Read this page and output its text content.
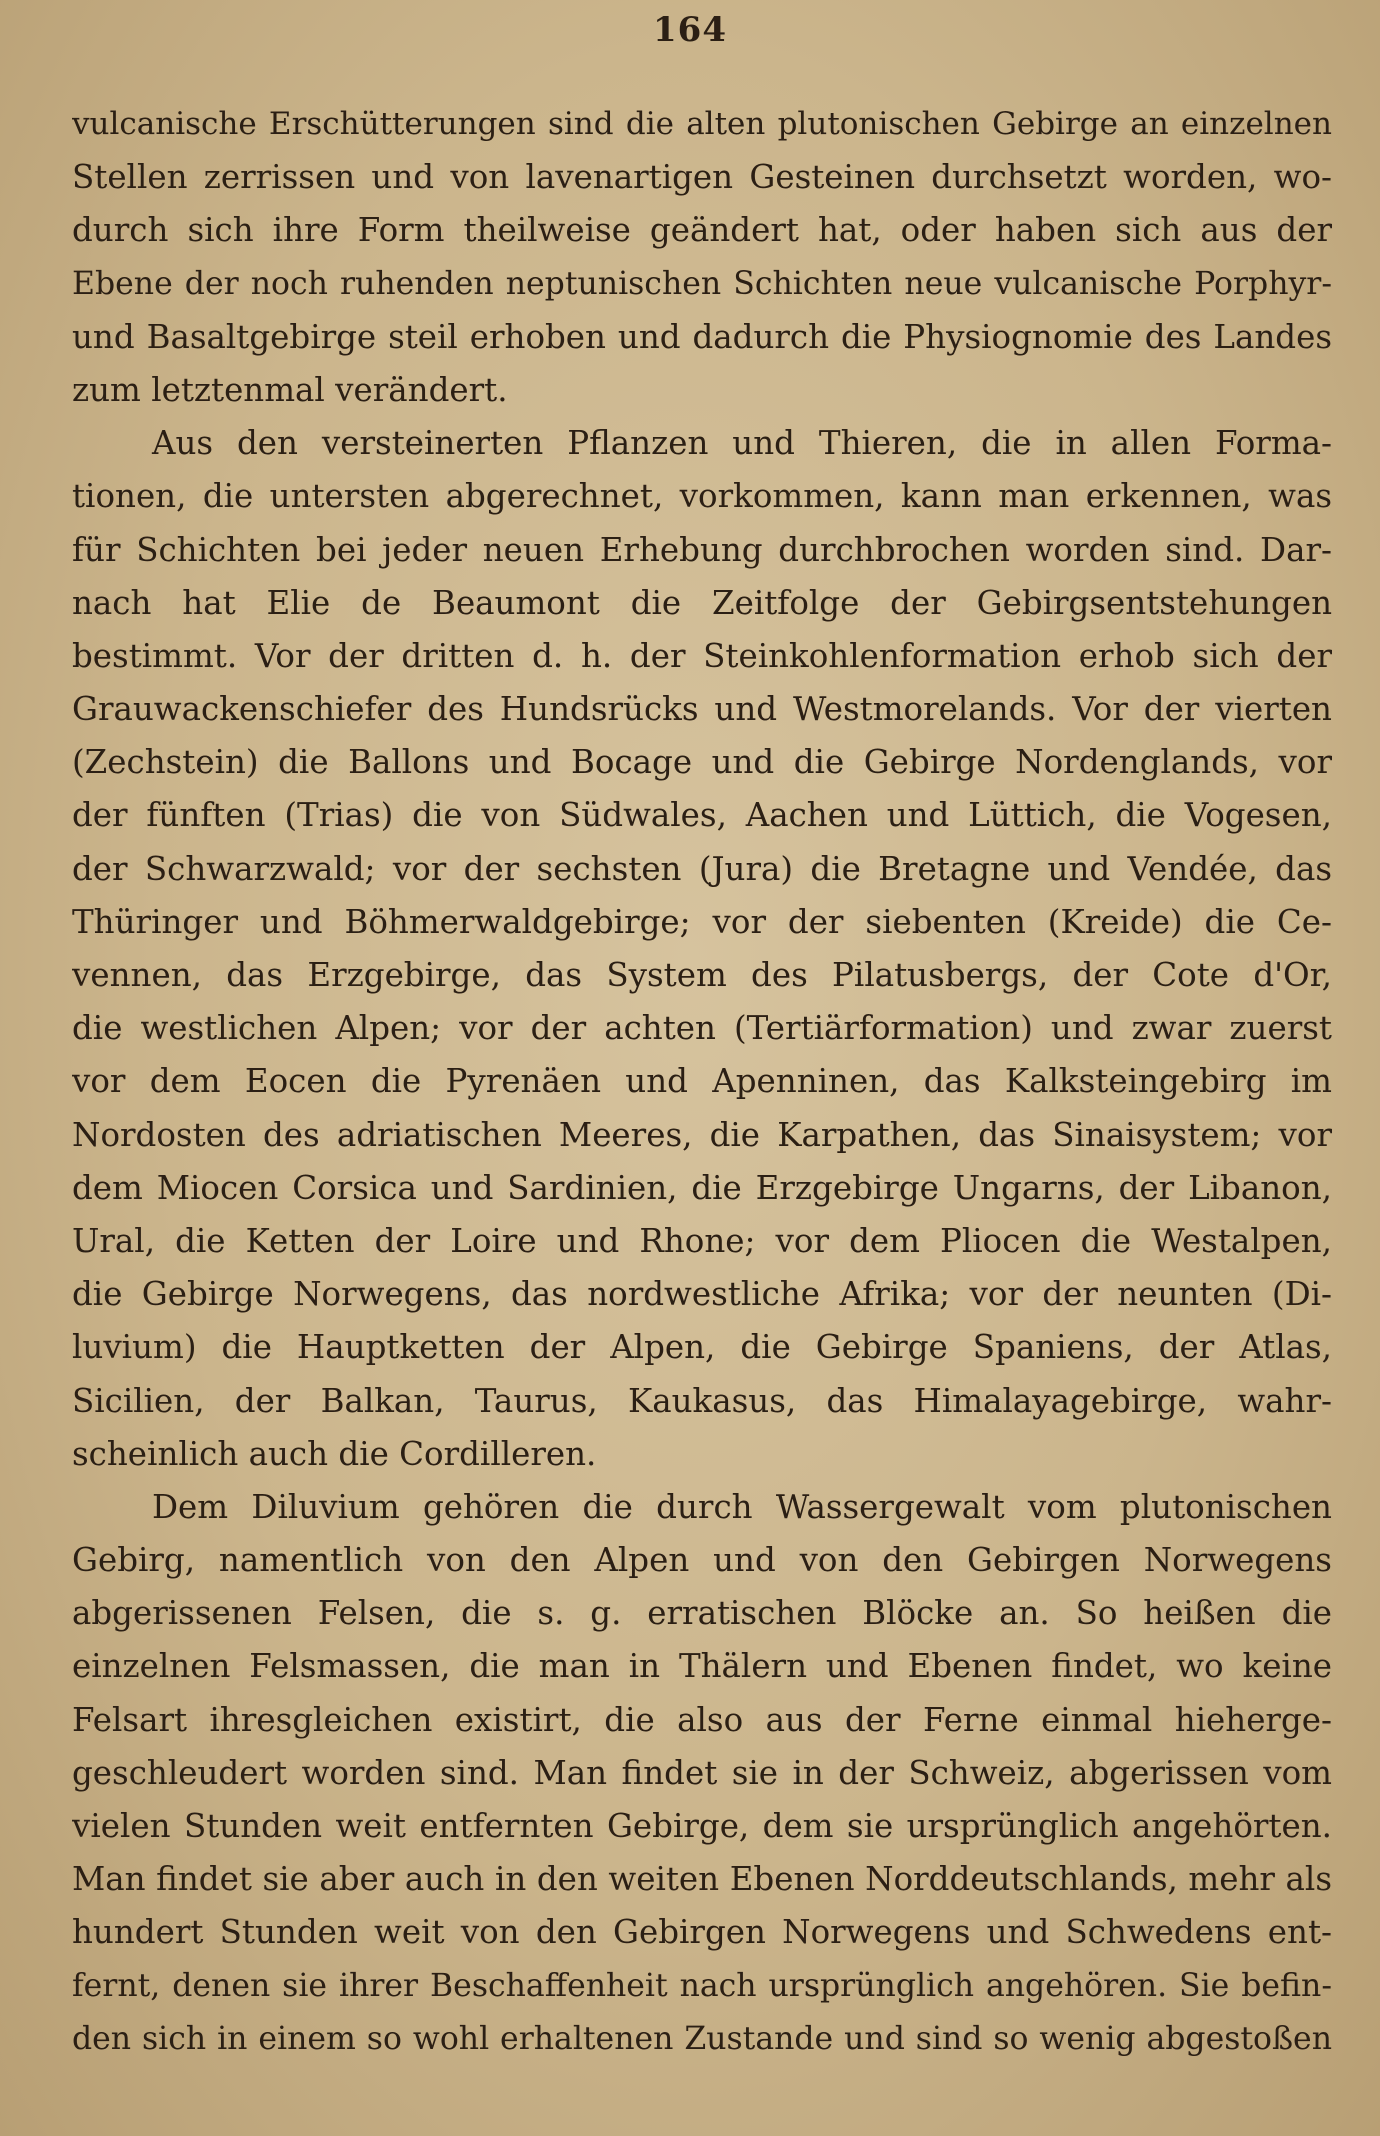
164
vulcanische Erschütterungen sind die alten plutonischen Gebirge an einzelnen
Stellen zerrissen und von lavenartigen Gesteinen durchsetzt worden, wo-
durch sich ihre Form theilweise geändert hat, oder haben sich aus der
Ebene der noch ruhenden neptunischen Schichten neue vulcanische Porphyr-
und Basaltgebirge steil erhoben und dadurch die Physiognomie des Landes
zum letztenmal verändert.
Aus den versteinerten Pflanzen und Thieren, die in allen Forma-
tionen, die untersten abgerechnet, vorkommen, kann man erkennen, was
für Schichten bei jeder neuen Erhebung durchbrochen worden sind. Dar-
nach hat Elie de Beaumont die Zeitfolge der Gebirgsentstehungen
bestimmt. Vor der dritten d. h. der Steinkohlenformation erhob sich der
Grauwackenschiefer des Hundsrücks und Westmorelands. Vor der vierten
(Zechstein) die Ballons und Bocage und die Gebirge Nordenglands, vor
der fünften (Trias) die von Südwales, Aachen und Lüttich, die Vogesen,
der Schwarzwald; vor der sechsten (Jura) die Bretagne und Vendée, das
Thüringer und Böhmerwaldgebirge; vor der siebenten (Kreide) die Ce-
vennen, das Erzgebirge, das System des Pilatusbergs, der Cote d'Or,
die westlichen Alpen; vor der achten (Tertiärformation) und zwar zuerst
vor dem Eocen die Pyrenäen und Apenninen, das Kalksteingebirg im
Nordosten des adriatischen Meeres, die Karpathen, das Sinaisystem; vor
dem Miocen Corsica und Sardinien, die Erzgebirge Ungarns, der Libanon,
Ural, die Ketten der Loire und Rhone; vor dem Pliocen die Westalpen,
die Gebirge Norwegens, das nordwestliche Afrika; vor der neunten (Di-
luvium) die Hauptketten der Alpen, die Gebirge Spaniens, der Atlas,
Sicilien, der Balkan, Taurus, Kaukasus, das Himalayagebirge, wahr-
scheinlich auch die Cordilleren.
Dem Diluvium gehören die durch Wassergewalt vom plutonischen
Gebirg, namentlich von den Alpen und von den Gebirgen Norwegens
abgerissenen Felsen, die s. g. erratischen Blöcke an. So heißen die
einzelnen Felsmassen, die man in Thälern und Ebenen findet, wo keine
Felsart ihresgleichen existirt, die also aus der Ferne einmal hieherge-
geschleudert worden sind. Man findet sie in der Schweiz, abgerissen vom
vielen Stunden weit entfernten Gebirge, dem sie ursprünglich angehörten.
Man findet sie aber auch in den weiten Ebenen Norddeutschlands, mehr als
hundert Stunden weit von den Gebirgen Norwegens und Schwedens ent-
fernt, denen sie ihrer Beschaffenheit nach ursprünglich angehören. Sie befin-
den sich in einem so wohl erhaltenen Zustande und sind so wenig abgestoßen
